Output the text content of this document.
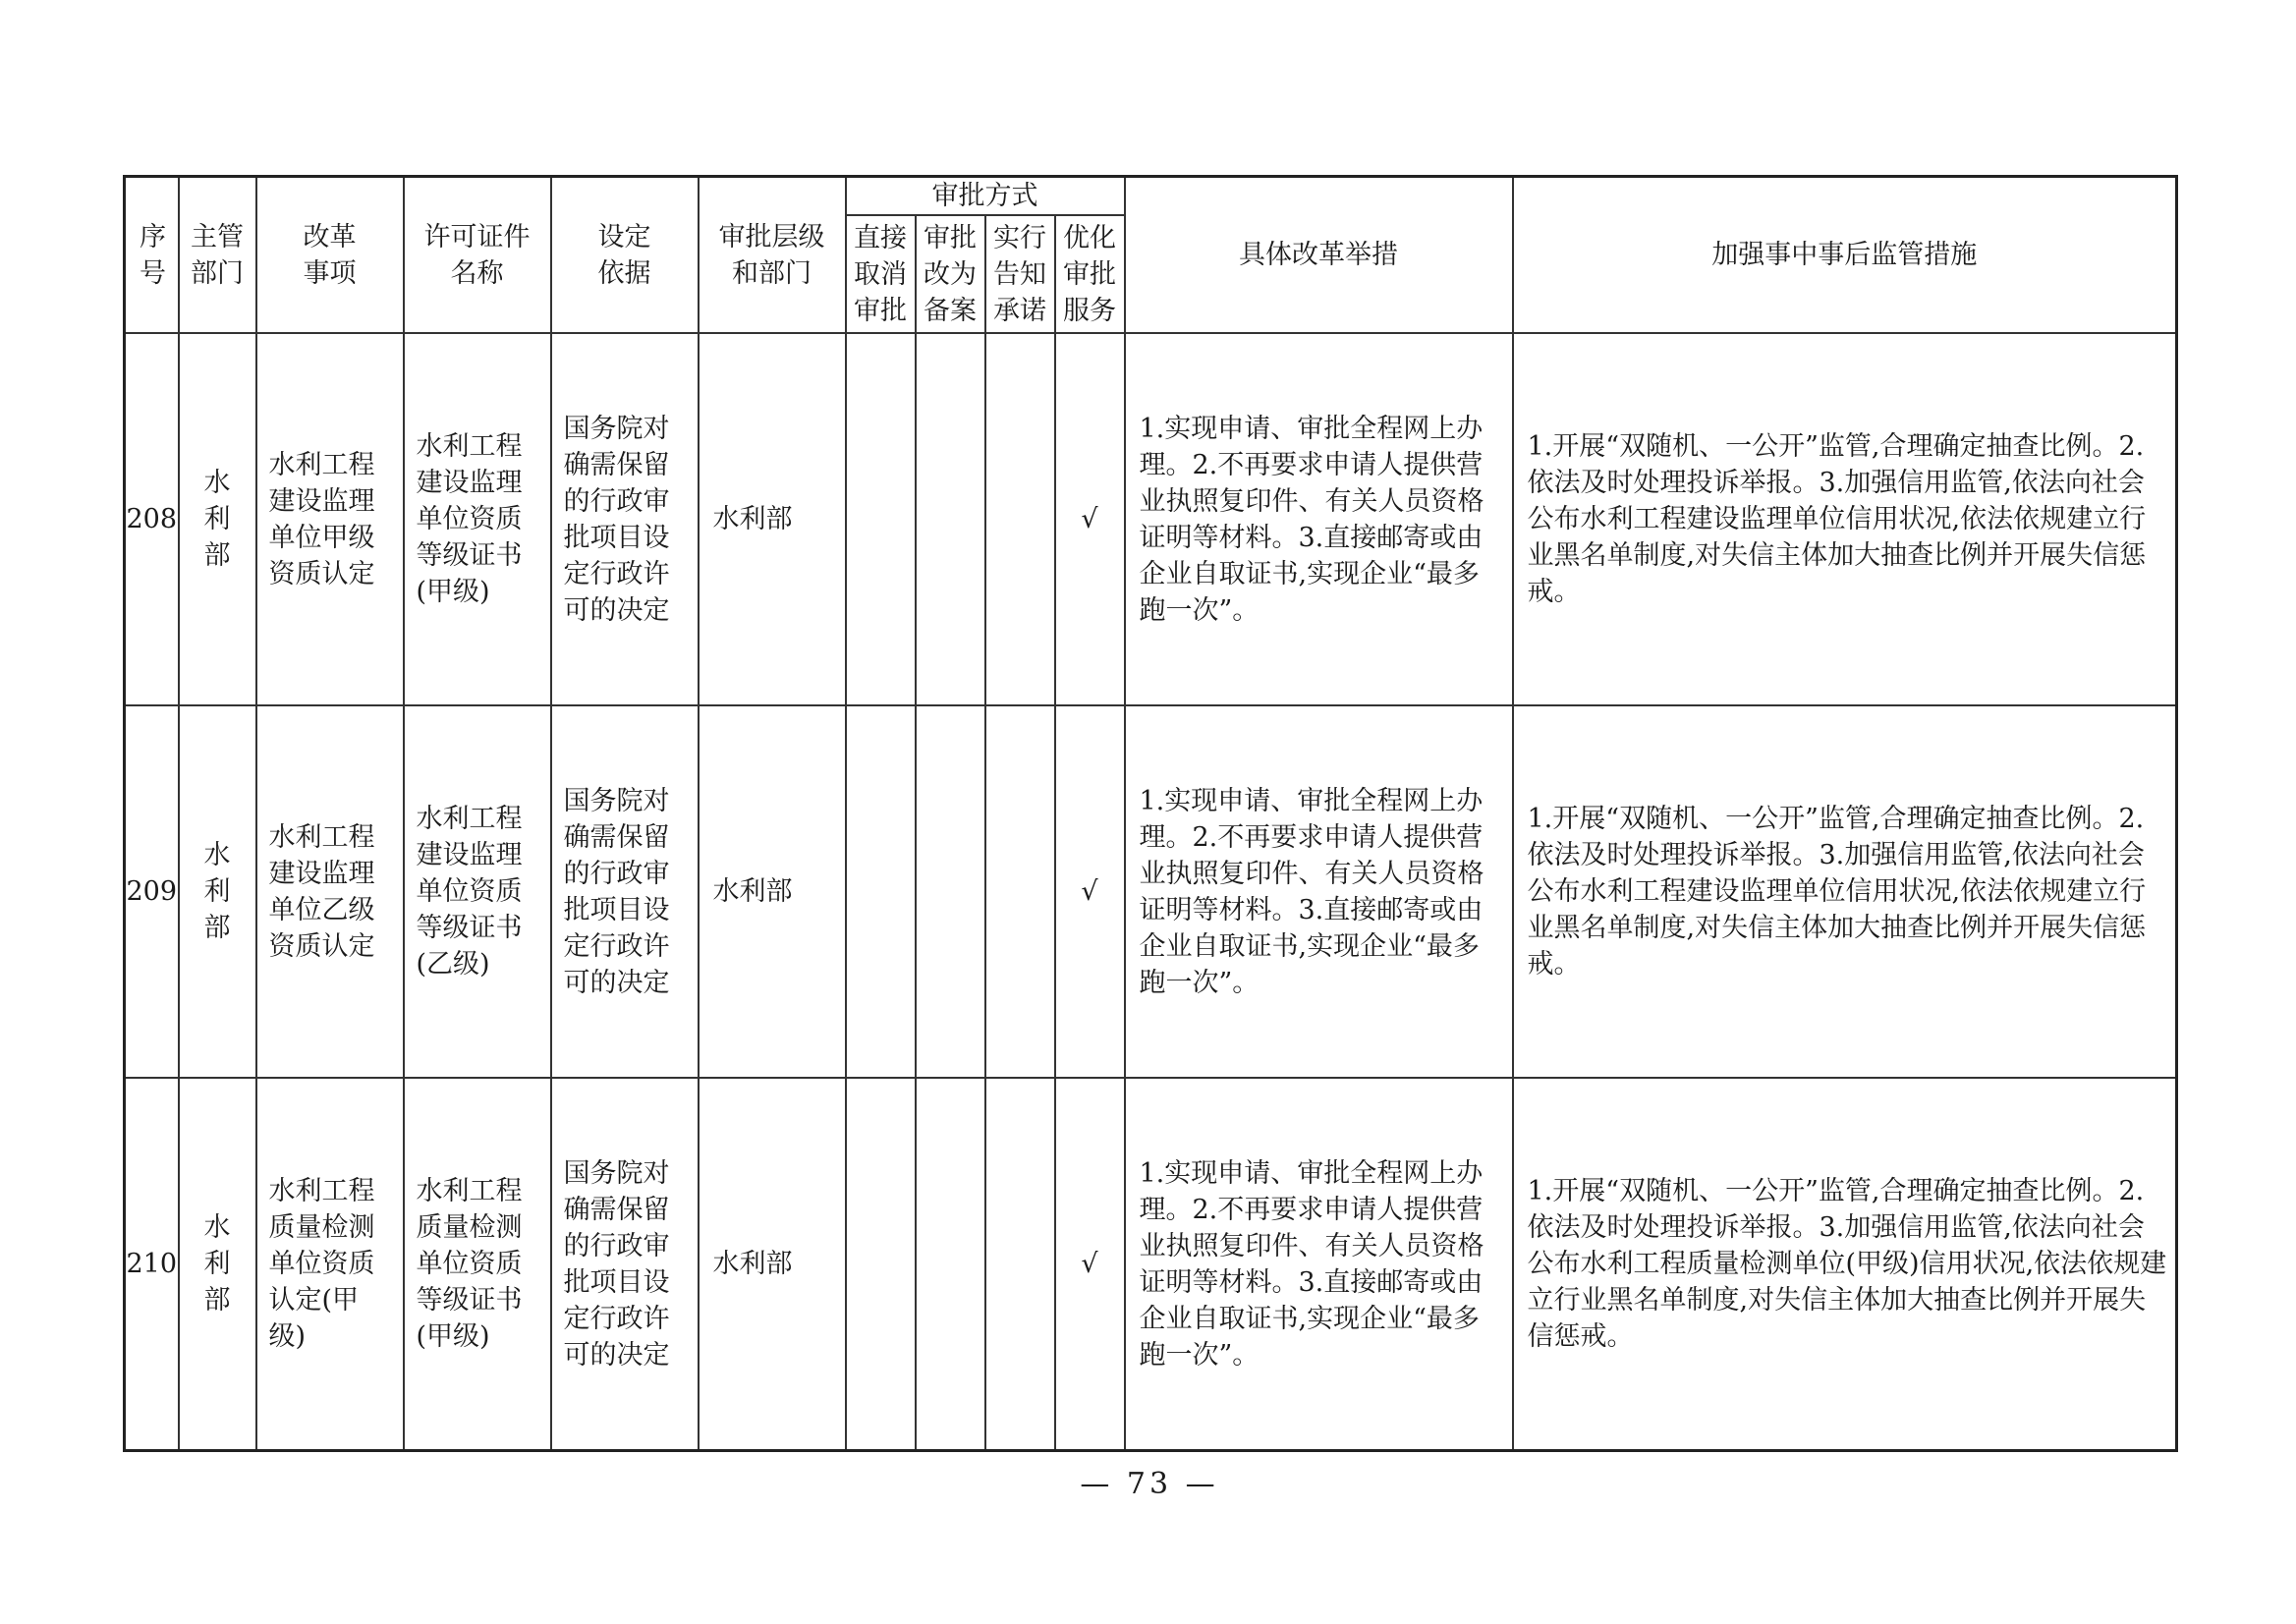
序号	主管部门	改革事项	许可证件名称	设定依据	审批层级和部门	审批方式				具体改革举措	加强事中事后监管措施
						直接取消审批	审批改为备案	实行告知承诺	优化审批服务		
208	水利部	水利工程建设监理单位甲级资质认定	水利工程建设监理单位资质等级证书(甲级)	国务院对确需保留的行政审批项目设定行政许可的决定	水利部				√	1.实现申请、审批全程网上办理。2.不再要求申请人提供营业执照复印件、有关人员资格证明等材料。3.直接邮寄或由企业自取证书,实现企业“最多跑一次”。	1.开展“双随机、一公开”监管,合理确定抽查比例。2.依法及时处理投诉举报。3.加强信用监管,依法向社会公布水利工程建设监理单位信用状况,依法依规建立行业黑名单制度,对失信主体加大抽查比例并开展失信惩戒。
209	水利部	水利工程建设监理单位乙级资质认定	水利工程建设监理单位资质等级证书(乙级)	国务院对确需保留的行政审批项目设定行政许可的决定	水利部				√	1.实现申请、审批全程网上办理。2.不再要求申请人提供营业执照复印件、有关人员资格证明等材料。3.直接邮寄或由企业自取证书,实现企业“最多跑一次”。	1.开展“双随机、一公开”监管,合理确定抽查比例。2.依法及时处理投诉举报。3.加强信用监管,依法向社会公布水利工程建设监理单位信用状况,依法依规建立行业黑名单制度,对失信主体加大抽查比例并开展失信惩戒。
210	水利部	水利工程质量检测单位资质认定(甲级)	水利工程质量检测单位资质等级证书(甲级)	国务院对确需保留的行政审批项目设定行政许可的决定	水利部				√	1.实现申请、审批全程网上办理。2.不再要求申请人提供营业执照复印件、有关人员资格证明等材料。3.直接邮寄或由企业自取证书,实现企业“最多跑一次”。	1.开展“双随机、一公开”监管,合理确定抽查比例。2.依法及时处理投诉举报。3.加强信用监管,依法向社会公布水利工程质量检测单位(甲级)信用状况,依法依规建立行业黑名单制度,对失信主体加大抽查比例并开展失信惩戒。
— 73 —
